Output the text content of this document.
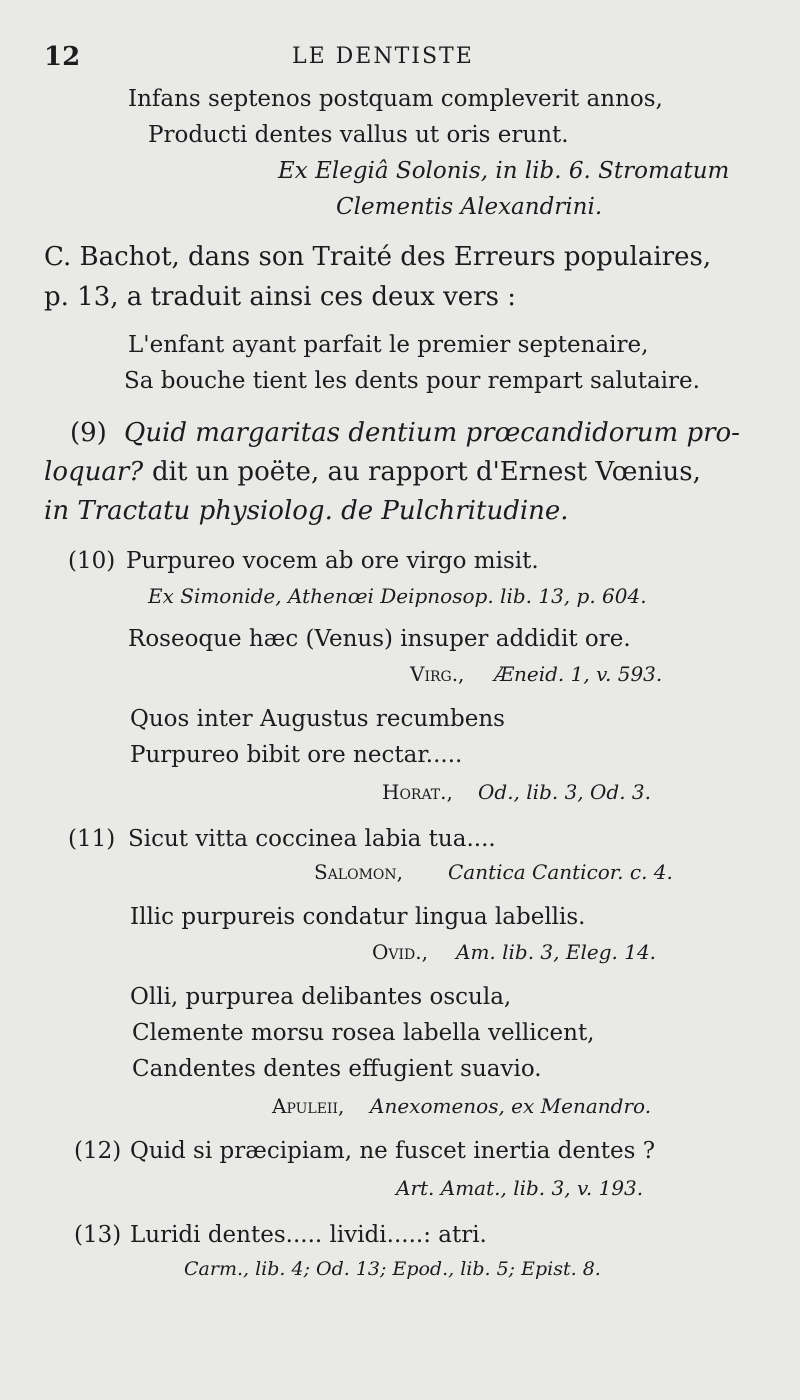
12	LE DENTISTE
Infans septenos postquam compleverit annos,
Producti dentes vallus ut oris erunt.
Ex Elegiâ Solonis, in lib. 6. Stromatum
Clementis Alexandrini.
C. Bachot, dans son Traité des Erreurs populaires,
p. 13, a traduit ainsi ces deux vers :
L'enfant ayant parfait le premier septenaire,
Sa bouche tient les dents pour rempart salutaire.
(9) Quid margaritas dentium prœcandidorum pro-
loquar? dit un poëte, au rapport d'Ernest Vœnius,
in Tractatu physiolog. de Pulchritudine.
(10) Purpureo vocem ab ore virgo misit.
Ex Simonide, Athenœi Deipnosop. lib. 13, p. 604.
Roseoque hæc (Venus) insuper addidit ore.
Virg., Æneid. 1, v. 593.
Quos inter Augustus recumbens
Purpureo bibit ore nectar.....
Horat., Od., lib. 3, Od. 3.
(11) Sicut vitta coccinea labia tua....
Salomon, Cantica Canticor. c. 4.
Illic purpureis condatur lingua labellis.
Ovid., Am. lib. 3, Eleg. 14.
Olli, purpurea delibantes oscula,
Clemente morsu rosea labella vellicent,
Candentes dentes effugient suavio.
Apuleii, Anexomenos, ex Menandro.
(12) Quid si præcipiam, ne fuscet inertia dentes ?
Art. Amat., lib. 3, v. 193.
(13) Luridi dentes..... lividi.....: atri.
Carm., lib. 4; Od. 13; Epod., lib. 5; Epist. 8.
